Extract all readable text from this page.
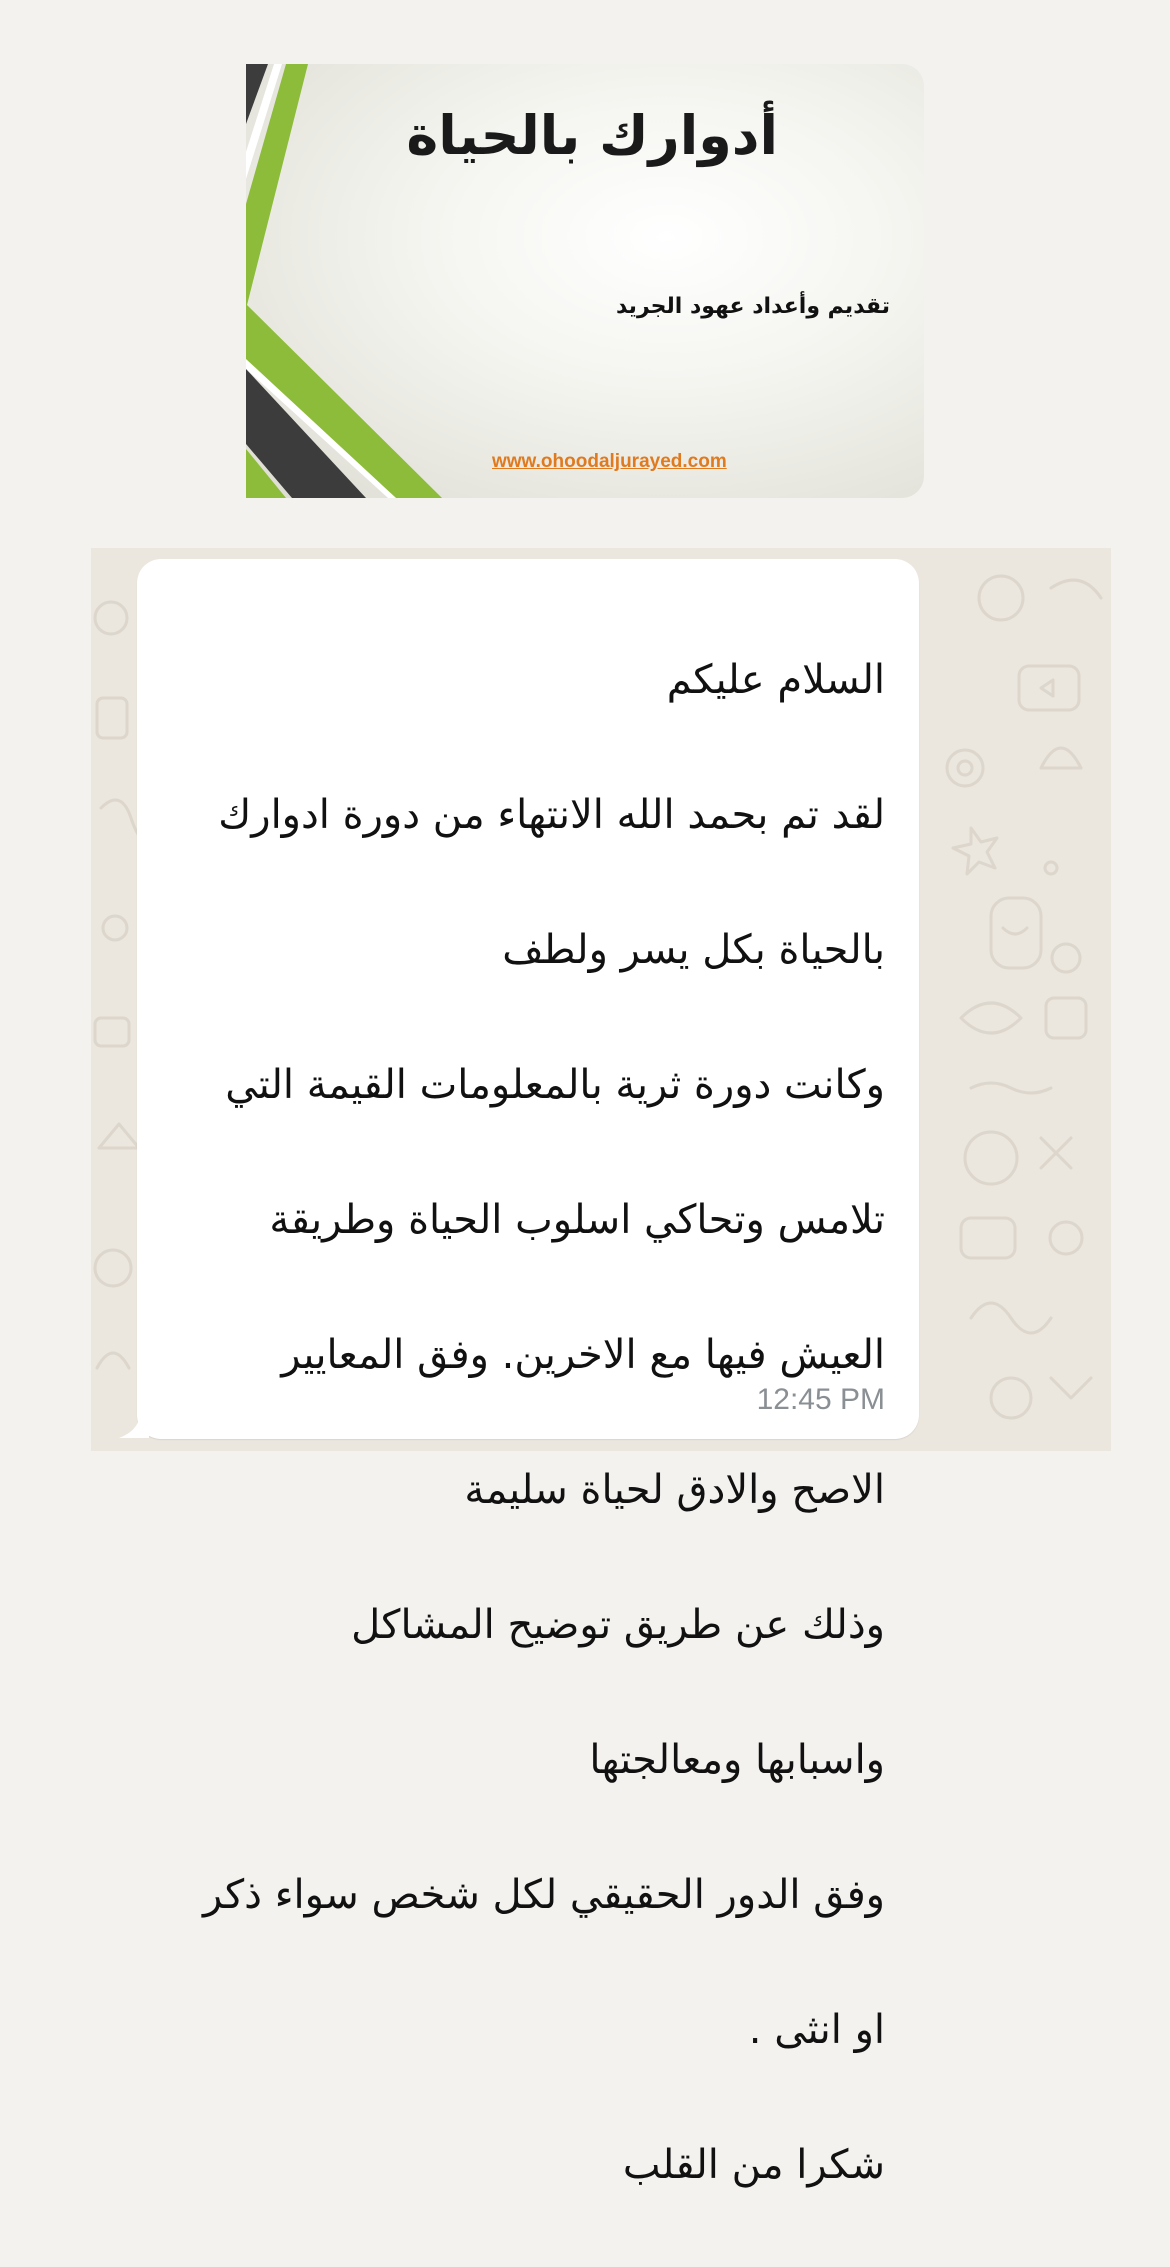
أدوارك بالحياة
تقديم وأعداد عهود الجريد
www.ohoodaljurayed.com

السلام عليكم

لقد تم بحمد الله الانتهاء من دورة ادوارك

بالحياة بكل يسر ولطف

وكانت دورة ثرية بالمعلومات القيمة التي

تلامس وتحاكي اسلوب الحياة وطريقة

العيش فيها مع الاخرين. وفق المعايير

الاصح والادق لحياة سليمة

وذلك عن طريق توضيح المشاكل

واسبابها ومعالجتها

وفق الدور الحقيقي لكل شخص سواء ذكر

او انثى .

شكرا من القلب

12:45 PM
